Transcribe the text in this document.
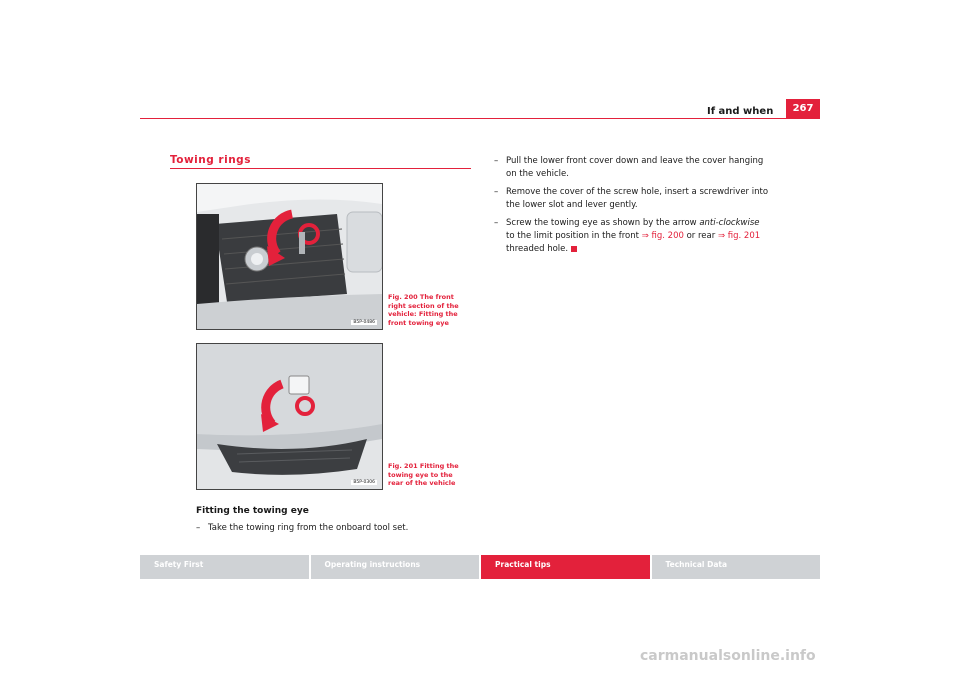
If and when	267
Towing rings
B5P-0486
Fig. 200 The front right section of the vehicle: Fitting the front towing eye
B5P-0306
Fig. 201 Fitting the towing eye to the rear of the vehicle
Fitting the towing eye
– Take the towing ring from the onboard tool set.
– Pull the lower front cover down and leave the cover hanging on the vehicle.
– Remove the cover of the screw hole, insert a screwdriver into the lower slot and lever gently.
– Screw the towing eye as shown by the arrow anti-clockwise to the limit position in the front ⇒ fig. 200 or rear ⇒ fig. 201 threaded hole.
Safety First	Operating instructions	Practical tips	Technical Data
carmanualsonline.info
